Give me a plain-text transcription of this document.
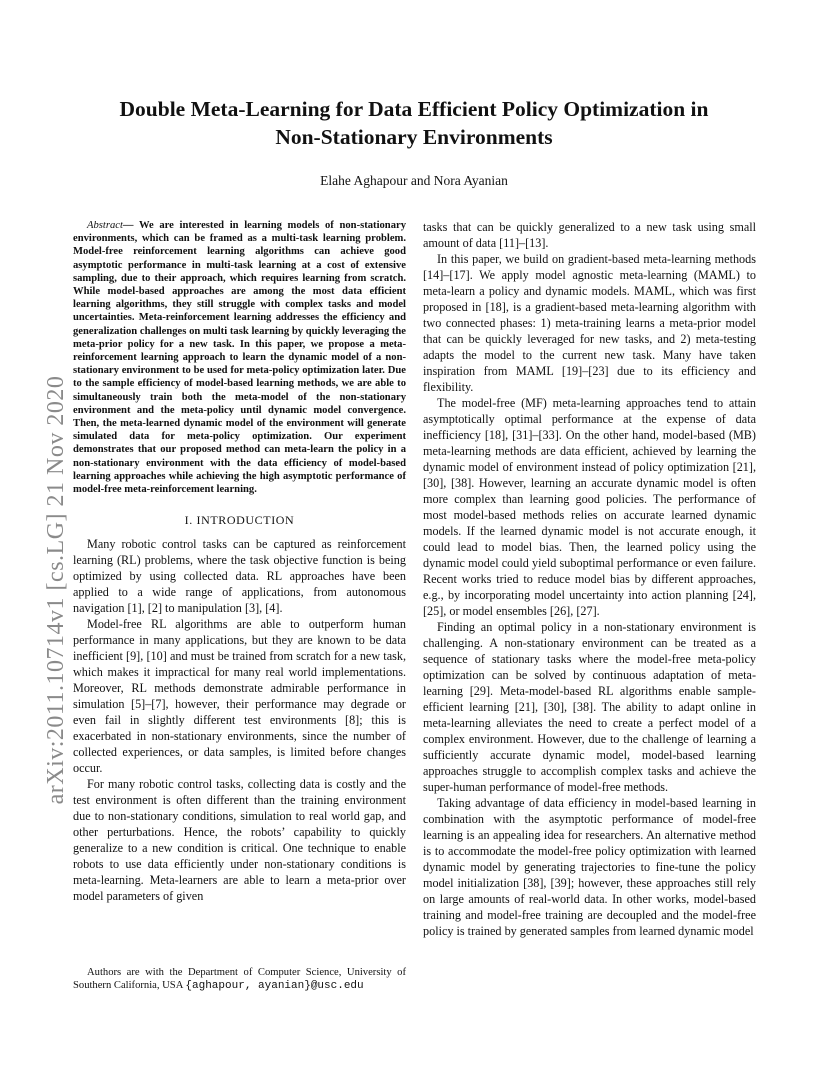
arXiv:2011.10714v1 [cs.LG] 21 Nov 2020
Double Meta-Learning for Data Efficient Policy Optimization in
Non-Stationary Environments
Elahe Aghapour and Nora Ayanian

Abstract— We are interested in learning models of non-stationary environments, which can be framed as a multi-task learning problem. Model-free reinforcement learning algorithms can achieve good asymptotic performance in multi-task learning at a cost of extensive sampling, due to their approach, which requires learning from scratch. While model-based approaches are among the most data efficient learning algorithms, they still struggle with complex tasks and model uncertainties. Meta-reinforcement learning addresses the efficiency and generalization challenges on multi task learning by quickly leveraging the meta-prior policy for a new task. In this paper, we propose a meta-reinforcement learning approach to learn the dynamic model of a non-stationary environment to be used for meta-policy optimization later. Due to the sample efficiency of model-based learning methods, we are able to simultaneously train both the meta-model of the non-stationary environment and the meta-policy until dynamic model convergence. Then, the meta-learned dynamic model of the environment will generate simulated data for meta-policy optimization. Our experiment demonstrates that our proposed method can meta-learn the policy in a non-stationary environment with the data efficiency of model-based learning approaches while achieving the high asymptotic performance of model-free meta-reinforcement learning.

I. INTRODUCTION

Many robotic control tasks can be captured as reinforcement learning (RL) problems, where the task objective function is being optimized by using collected data. RL approaches have been applied to a wide range of applications, from autonomous navigation [1], [2] to manipulation [3], [4].

Model-free RL algorithms are able to outperform human performance in many applications, but they are known to be data inefficient [9], [10] and must be trained from scratch for a new task, which makes it impractical for many real world implementations. Moreover, RL methods demonstrate admirable performance in simulation [5]–[7], however, their performance may degrade or even fail in slightly different test environments [8]; this is exacerbated in non-stationary environments, since the number of collected experiences, or data samples, is limited before changes occur.

For many robotic control tasks, collecting data is costly and the test environment is often different than the training environment due to non-stationary conditions, simulation to real world gap, and other perturbations. Hence, the robots’ capability to quickly generalize to a new condition is critical. One technique to enable robots to use data efficiently under non-stationary conditions is meta-learning. Meta-learners are able to learn a meta-prior over model parameters of given

tasks that can be quickly generalized to a new task using small amount of data [11]–[13].

In this paper, we build on gradient-based meta-learning methods [14]–[17]. We apply model agnostic meta-learning (MAML) to meta-learn a policy and dynamic models. MAML, which was first proposed in [18], is a gradient-based meta-learning algorithm with two connected phases: 1) meta-training learns a meta-prior model that can be quickly leveraged for new tasks, and 2) meta-testing adapts the model to the current new task. Many have taken inspiration from MAML [19]–[23] due to its efficiency and flexibility.

The model-free (MF) meta-learning approaches tend to attain asymptotically optimal performance at the expense of data inefficiency [18], [31]–[33]. On the other hand, model-based (MB) meta-learning methods are data efficient, achieved by learning the dynamic model of environment instead of policy optimization [21], [30], [38]. However, learning an accurate dynamic model is often more complex than learning good policies. The performance of most model-based methods relies on accurate learned dynamic models. If the learned dynamic model is not accurate enough, it could lead to model bias. Then, the learned policy using the dynamic model could yield suboptimal performance or even failure. Recent works tried to reduce model bias by different approaches, e.g., by incorporating model uncertainty into action planning [24], [25], or model ensembles [26], [27].

Finding an optimal policy in a non-stationary environment is challenging. A non-stationary environment can be treated as a sequence of stationary tasks where the model-free meta-policy optimization can be solved by continuous adaptation of meta-learning [29]. Meta-model-based RL algorithms enable sample-efficient learning [21], [30], [38]. The ability to adapt online in meta-learning alleviates the need to create a perfect model of a complex environment. However, due to the challenge of learning a sufficiently accurate dynamic model, model-based learning approaches struggle to accomplish complex tasks and achieve the super-human performance of model-free methods.

Taking advantage of data efficiency in model-based learning in combination with the asymptotic performance of model-free learning is an appealing idea for researchers. An alternative method is to accommodate the model-free policy optimization with learned dynamic model by generating trajectories to fine-tune the policy model initialization [38], [39]; however, these approaches still rely on large amounts of real-world data. In other works, model-based training and model-free training are decoupled and the model-free policy is trained by generated samples from learned dynamic model

Authors are with the Department of Computer Science, University of Southern California, USA {aghapour, ayanian}@usc.edu
